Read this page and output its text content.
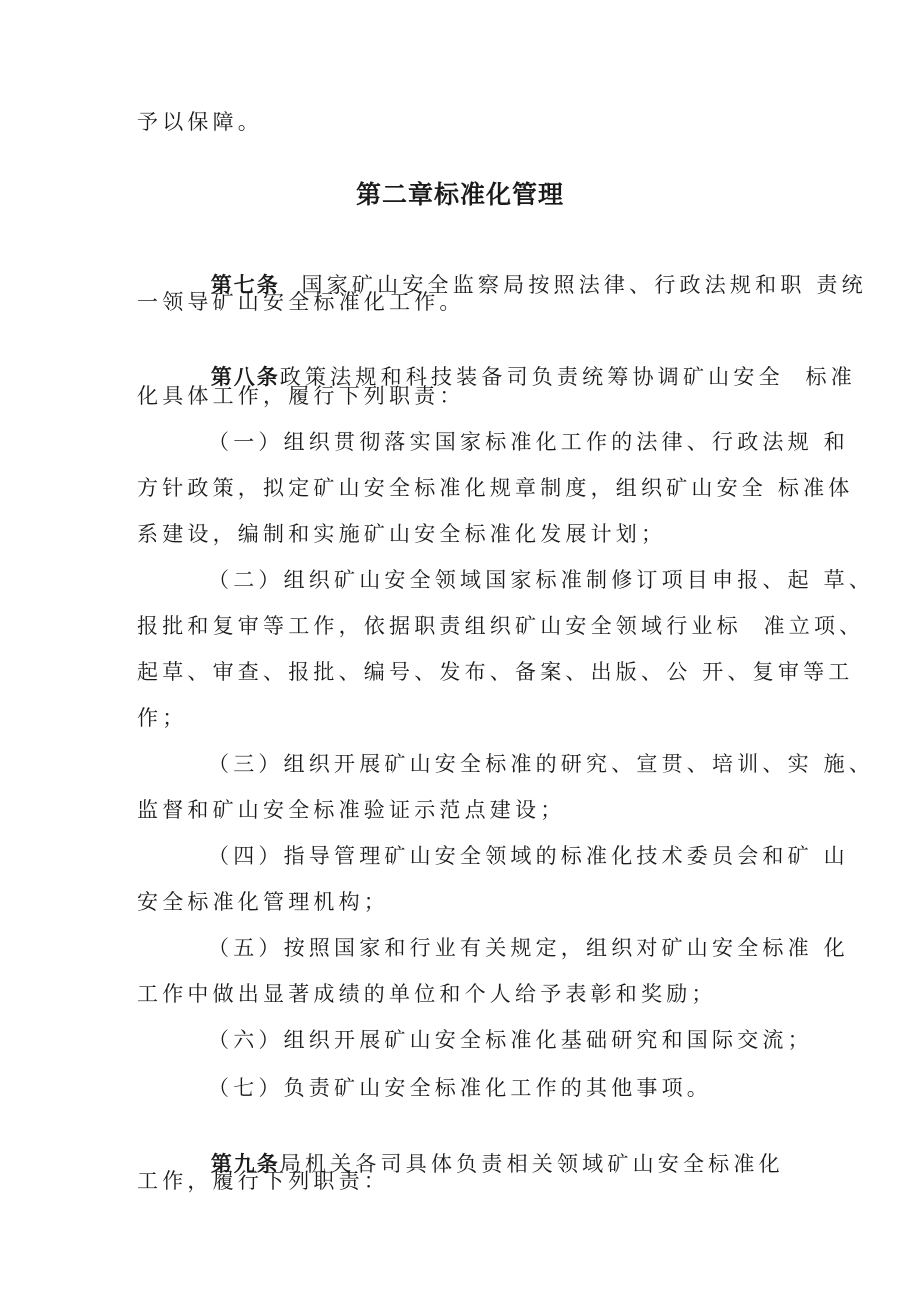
予以保障。
第二章标准化管理

第七条  国家矿山安全监察局按照法律、行政法规和职 责统

一领导矿山安全标准化工作。

第八条政策法规和科技装备司负责统筹协调矿山安全  标准

化具体工作，履行下列职责：
（一）组织贯彻落实国家标准化工作的法律、行政法规 和
方针政策，拟定矿山安全标准化规章制度，组织矿山安全 标准体
系建设，编制和实施矿山安全标准化发展计划；
（二）组织矿山安全领域国家标准制修订项目申报、起 草、
报批和复审等工作，依据职责组织矿山安全领域行业标  准立项、
起草、审查、报批、编号、发布、备案、出版、公 开、复审等工
作；
（三）组织开展矿山安全标准的研究、宣贯、培训、实 施、
监督和矿山安全标准验证示范点建设；
（四）指导管理矿山安全领域的标准化技术委员会和矿 山
安全标准化管理机构；
（五）按照国家和行业有关规定，组织对矿山安全标准 化
工作中做出显著成绩的单位和个人给予表彰和奖励；
（六）组织开展矿山安全标准化基础研究和国际交流；
（七）负责矿山安全标准化工作的其他事项。

第九条局机关各司具体负责相关领域矿山安全标准化

工作，履行下列职责：
